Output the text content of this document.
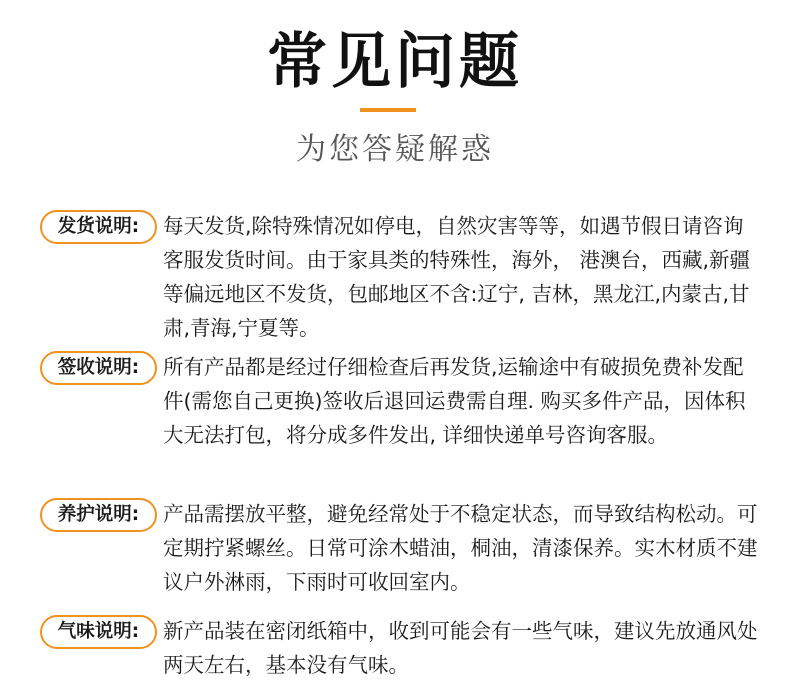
常见问题
为您答疑解惑
发货说明:	每天发货,除特殊情况如停电，自然灾害等等，如遇节假日请咨询客服发货时间。由于家具类的特殊性，海外， 港澳台，西藏,新疆等偏远地区不发货，包邮地区不含:辽宁, 吉林，黑龙江,内蒙古,甘肃,青海,宁夏等。
签收说明:	所有产品都是经过仔细检查后再发货,运输途中有破损免费补发配件(需您自己更换)签收后退回运费需自理. 购买多件产品，因体积大无法打包，将分成多件发出, 详细快递单号咨询客服。
养护说明:	产品需摆放平整，避免经常处于不稳定状态，而导致结构松动。可定期拧紧螺丝。日常可涂木蜡油，桐油，清漆保养。实木材质不建议户外淋雨，下雨时可收回室内。
气味说明:	新产品装在密闭纸箱中，收到可能会有一些气味，建议先放通风处两天左右，基本没有气味。
